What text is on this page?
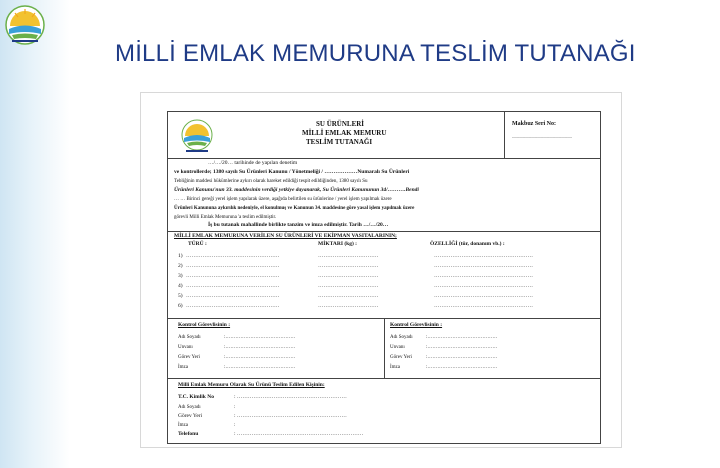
MİLLİ EMLAK MEMURUNA TESLİM TUTANAĞI
SU ÜRÜNLERİ
MİLLİ EMLAK MEMURU
TESLİM TUTANAĞI
Makbuz Seri No:
…………………………
…/…/20… tarihinde de yapılan denetim
ve kontrollerde; 1380 sayılı Su Ürünleri Kanunu / Yönetmeliği / ………………Numaralı Su Ürünleri
Tebliğinin maddesi hükümlerine aykırı olarak hareket edildiği tespit edildiğinden, 1380 sayılı Su
Ürünleri Kanunu'nun 33. maddesinin verdiği yetkiye dayanarak, Su Ürünleri Kanununun 34/……….Bendi
… … Birinci gereği yerel işlem yapılarak üzere, aşağıda belirtilen su ürünlerine / yerel işlem yapılmak üzere
Ürünleri Kanununa aykırılık nedeniyle, el konulmuş ve Kanunun 34. maddesine göre yasal işlem yapılmak üzere
görevli Milli Emlak Memuruna 'a teslim edilmiştir.
İş bu tutanak mahallinde birlikte tanzim ve imza edilmiştir. Tarih …/…/20…
MİLLİ EMLAK MEMURUNA VERİLEN SU ÜRÜNLERİ VE EKİPMAN VASITALARININ;
TÜRÜ :	MİKTARI (kg) :	ÖZELLİĞİ (tür, donanım vb.) :
1) ……………………………………………	……………………………	………………………………………………
2) ……………………………………………	……………………………	………………………………………………
3) ……………………………………………	……………………………	………………………………………………
4) ……………………………………………	……………………………	………………………………………………
5) ……………………………………………	……………………………	………………………………………………
6) ……………………………………………	……………………………	………………………………………………
Kontrol Görevlisinin :
Adı Soyadı	:……………………………………
Unvanı	:……………………………………
Görev Yeri	:……………………………………
İmza	:……………………………………
Kontrol Görevlisinin :
Adı Soyadı	:……………………………………
Unvanı	:……………………………………
Görev Yeri	:……………………………………
İmza	:……………………………………
Milli Emlak Memuru Olarak Su Ürünü Teslim Edilen Kişinin:
T.C. Kimlik No	: ……………………………………………………
Adı Soyadı	:
Görev Yeri	: ……………………………………………………
İmza	:
Telefonu	: ……………………………………………………………
